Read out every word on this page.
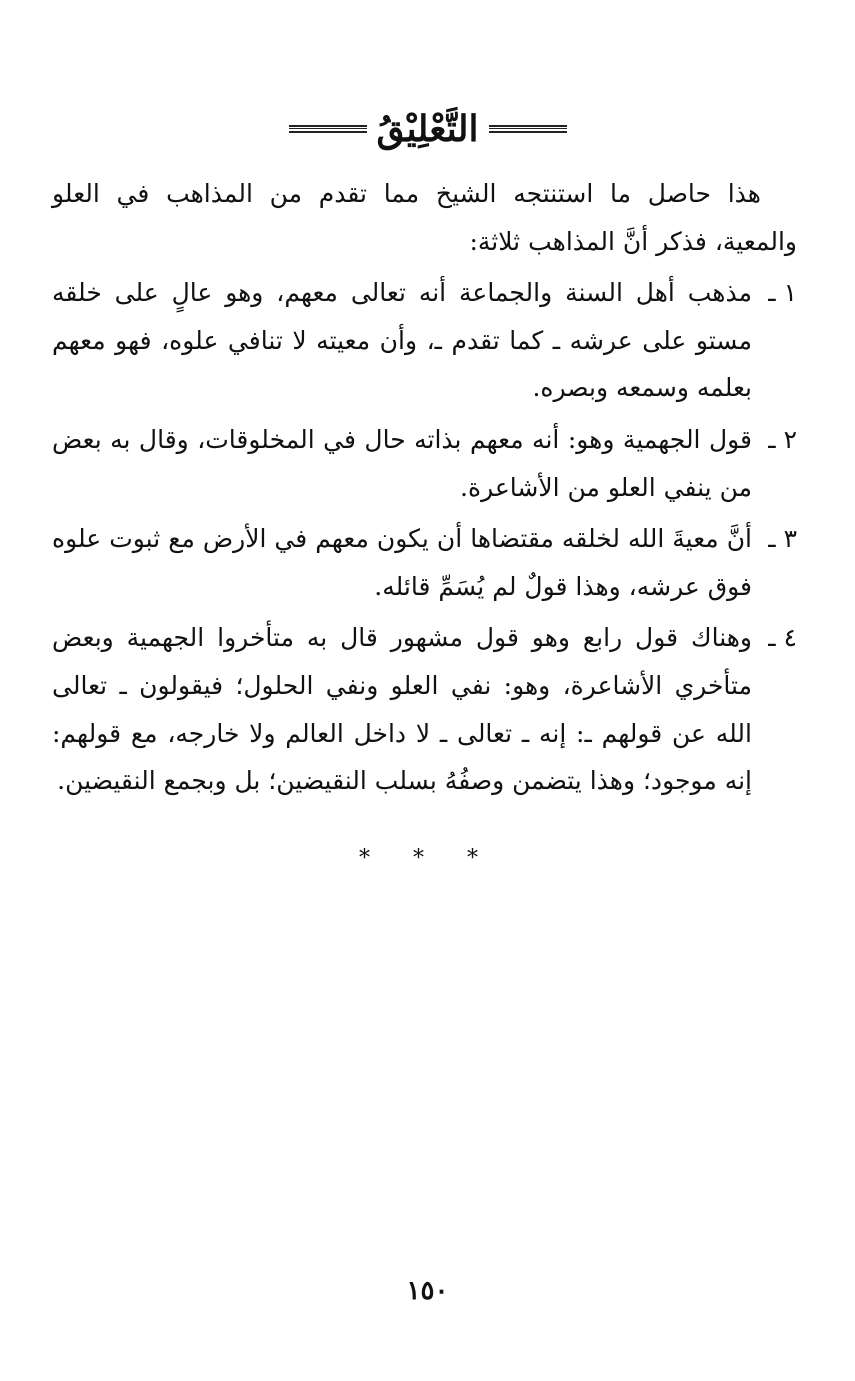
التَّعْلِيْقُ

هذا حاصل ما استنتجه الشيخ مما تقدم من المذاهب في العلو والمعية، فذكر أنَّ المذاهب ثلاثة:

١ ـ
مذهب أهل السنة والجماعة أنه تعالى معهم، وهو عالٍ على خلقه مستو على عرشه ـ كما تقدم ـ، وأن معيته لا تنافي علوه، فهو معهم بعلمه وسمعه وبصره.
٢ ـ
قول الجهمية وهو: أنه معهم بذاته حال في المخلوقات، وقال به بعض من ينفي العلو من الأشاعرة.
٣ ـ
أنَّ معيةَ الله لخلقه مقتضاها أن يكون معهم في الأرض مع ثبوت علوه فوق عرشه، وهذا قولٌ لم يُسَمِّ قائله.
٤ ـ
وهناك قول رابع وهو قول مشهور قال به متأخروا الجهمية وبعض متأخري الأشاعرة، وهو: نفي العلو ونفي الحلول؛ فيقولون ـ تعالى الله عن قولهم ـ: إنه ـ تعالى ـ لا داخل العالم ولا خارجه، مع قولهم: إنه موجود؛ وهذا يتضمن وصفُهُ بسلب النقيضين؛ بل وبجمع النقيضين.
* * *
١٥٠
